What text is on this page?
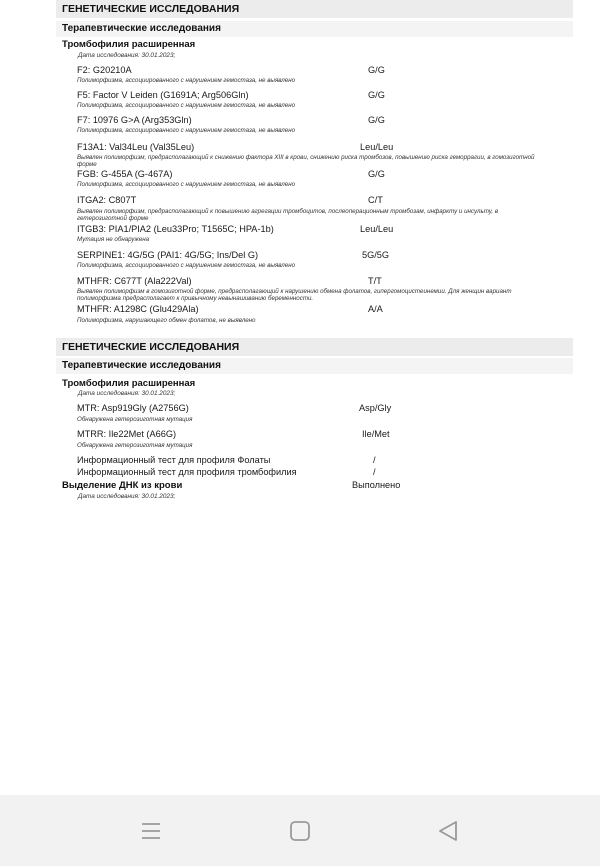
ГЕНЕТИЧЕСКИЕ ИССЛЕДОВАНИЯ
Терапевтические исследования
Тромбофилия расширенная
Дата исследования: 30.01.2023;
F2: G20210A	G/G
Полиморфизма, ассоциированного с нарушением гемостаза, не выявлено
F5: Factor V Leiden (G1691A; Arg506Gln)	G/G
Полиморфизма, ассоциированного с нарушением гемостаза, не выявлено
F7: 10976 G>A (Arg353Gln)	G/G
Полиморфизма, ассоциированного с нарушением гемостаза, не выявлено
F13A1: Val34Leu (Val35Leu)	Leu/Leu
Выявлен полиморфизм, предрасполагающий к снижению фактора XIII в крови, снижению риска тромбозов, повышению риска геморрагии, в гомозиготной форме
FGB: G-455A (G-467A)	G/G
Полиморфизма, ассоциированного с нарушением гемостаза, не выявлено
ITGA2: C807T	C/T
Выявлен полиморфизм, предрасполагающий к повышению агрегации тромбоцитов, послеоперационным тромбозам, инфаркту и инсульту, в гетерозиготной форме
ITGB3: PIA1/PIA2 (Leu33Pro; T1565C; HPA-1b)	Leu/Leu
Мутация не обнаружена
SERPINE1: 4G/5G (PAI1: 4G/5G; Ins/Del G)	5G/5G
Полиморфизма, ассоциированного с нарушением гемостаза, не выявлено
MTHFR: C677T (Ala222Val)	T/T
Выявлен полиморфизм в гомозиготной форме, предрасполагающий к нарушению обмена фолатов, гипергомоцистеинемии. Для женщин вариант полиморфизма предрасполагает к привычному невынашиванию беременности.
MTHFR: A1298C (Glu429Ala)	A/A
Полиморфизма, нарушающего обмен фолатов, не выявлено
ГЕНЕТИЧЕСКИЕ ИССЛЕДОВАНИЯ
Терапевтические исследования
Тромбофилия расширенная
Дата исследования: 30.01.2023;
MTR: Asp919Gly (A2756G)	Asp/Gly
Обнаружена гетерозиготная мутация
MTRR: Ile22Met (A66G)	Ile/Met
Обнаружена гетерозиготная мутация
Информационный тест для профиля Фолаты	/
Информационный тест для профиля тромбофилия	/
Выделение ДНК из крови	Выполнено
Дата исследования: 30.01.2023;
